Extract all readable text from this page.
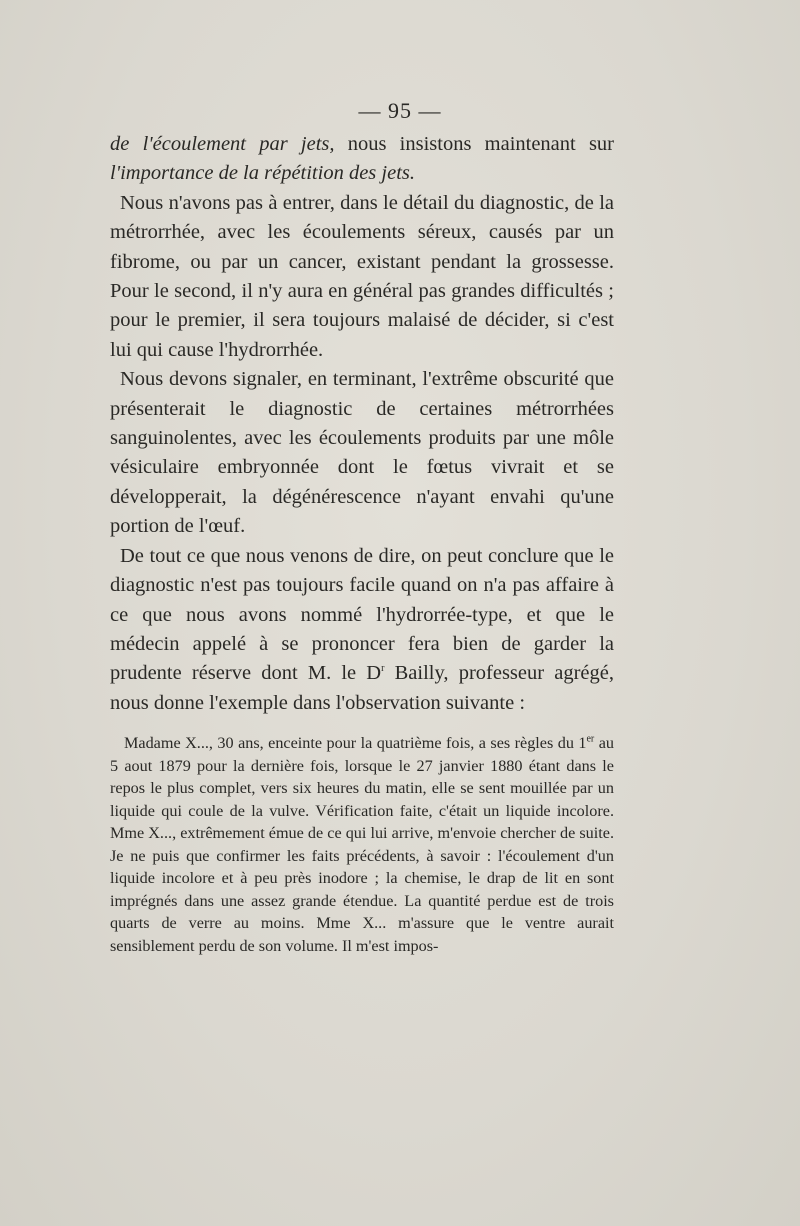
— 95 —

de l'écoulement par jets, nous insistons maintenant sur l'importance de la répétition des jets.

Nous n'avons pas à entrer, dans le détail du diagnostic, de la métrorrhée, avec les écoulements séreux, causés par un fibrome, ou par un cancer, existant pendant la grossesse. Pour le second, il n'y aura en général pas grandes difficultés ; pour le premier, il sera toujours malaisé de décider, si c'est lui qui cause l'hydrorrhée.

Nous devons signaler, en terminant, l'extrême obscurité que présenterait le diagnostic de certaines métrorrhées sanguinolentes, avec les écoulements produits par une môle vésiculaire embryonnée dont le fœtus vivrait et se développerait, la dégénérescence n'ayant envahi qu'une portion de l'œuf.

De tout ce que nous venons de dire, on peut conclure que le diagnostic n'est pas toujours facile quand on n'a pas affaire à ce que nous avons nommé l'hydrorrée-type, et que le médecin appelé à se prononcer fera bien de garder la prudente réserve dont M. le $D^r$ Bailly, professeur agrégé, nous donne l'exemple dans l'observation suivante :

Madame X..., 30 ans, enceinte pour la quatrième fois, a ses règles du 1er au 5 aout 1879 pour la dernière fois, lorsque le 27 janvier 1880 étant dans le repos le plus complet, vers six heures du matin, elle se sent mouillée par un liquide qui coule de la vulve. Vérification faite, c'était un liquide incolore. Mme X..., extrêmement émue de ce qui lui arrive, m'envoie chercher de suite. Je ne puis que confirmer les faits précédents, à savoir : l'écoulement d'un liquide incolore et à peu près inodore ; la chemise, le drap de lit en sont imprégnés dans une assez grande étendue. La quantité perdue est de trois quarts de verre au moins. Mme X... m'assure que le ventre aurait sensiblement perdu de son volume. Il m'est impos-
